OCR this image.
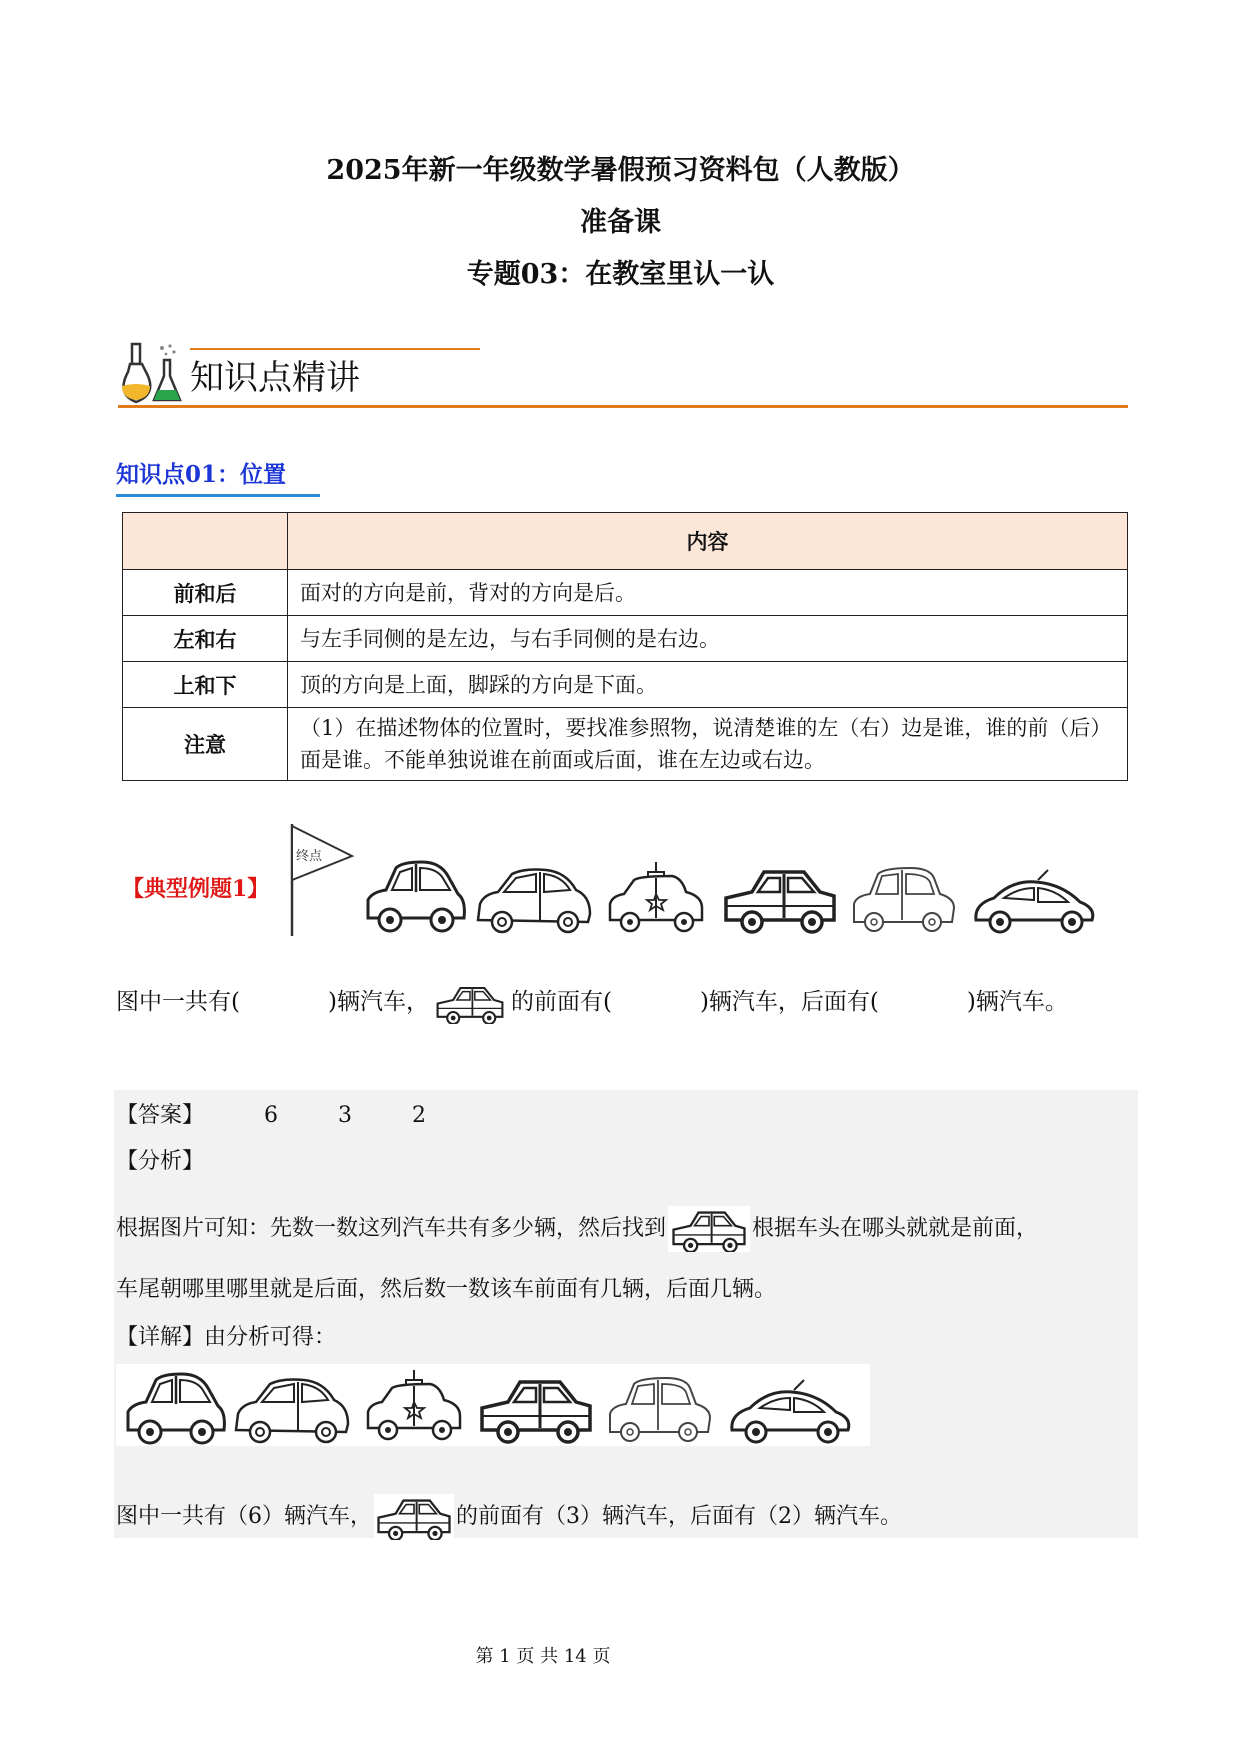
2025年新一年级数学暑假预习资料包（人教版）
准备课
专题03：在教室里认一认
知识点精讲
知识点01：位置
	内容
前和后	面对的方向是前，背对的方向是后。
左和右	与左手同侧的是左边，与右手同侧的是右边。
上和下	顶的方向是上面，脚踩的方向是下面。
注意	（1）在描述物体的位置时，要找准参照物，说清楚谁的左（右）边是谁，谁的前（后）面是谁。不能单独说谁在前面或后面，谁在左边或右边。
【典型例题1】
终点
图中一共有(	)辆汽车，	的前面有(	)辆汽车，后面有(	)辆汽车。
【答案】	6	3	2
【分析】
根据图片可知：先数一数这列汽车共有多少辆，然后找到	根据车头在哪头就就是前面，
车尾朝哪里哪里就是后面，然后数一数该车前面有几辆，后面几辆。
【详解】由分析可得：
图中一共有（6）辆汽车，	的前面有（3）辆汽车，后面有（2）辆汽车。
第 1 页 共 14 页
